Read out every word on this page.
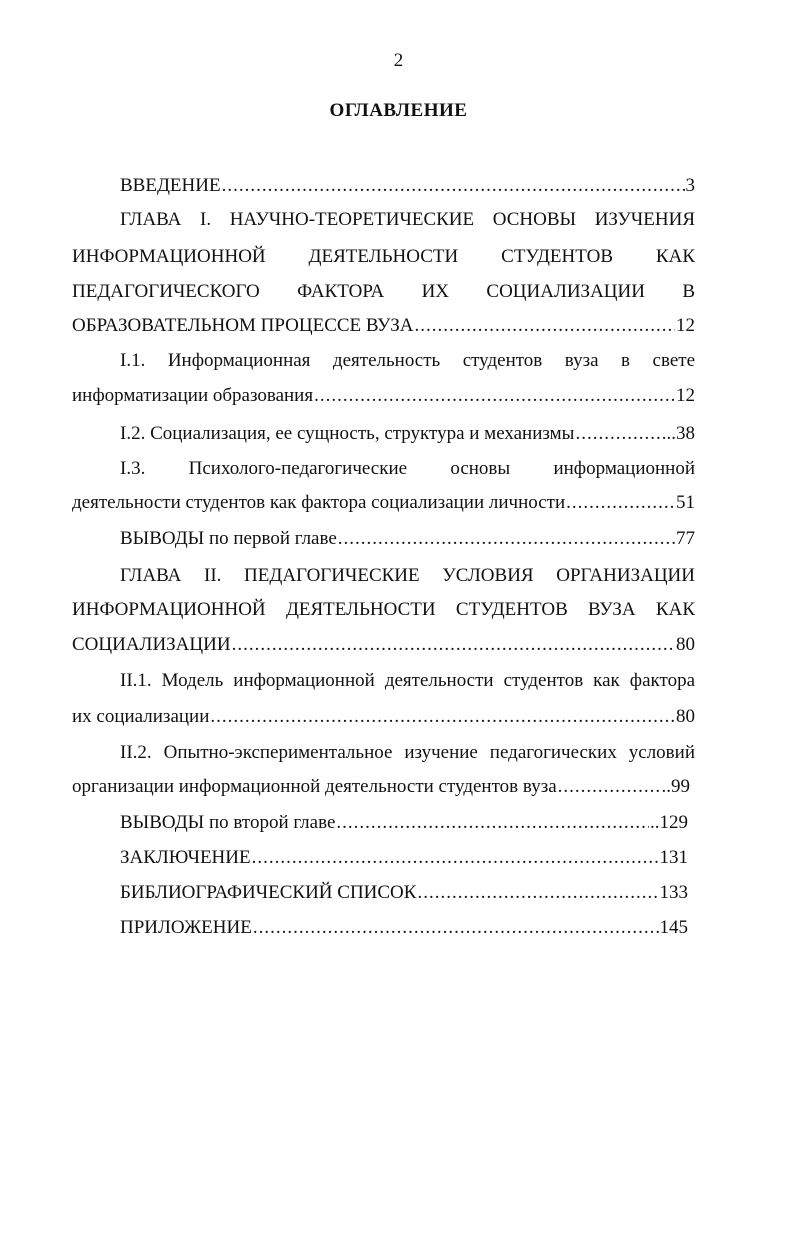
2
ОГЛАВЛЕНИЕ
ВВЕДЕНИЕ .....	3
ГЛАВА I. НАУЧНО-ТЕОРЕТИЧЕСКИЕ ОСНОВЫ ИЗУЧЕНИЯ
ИНФОРМАЦИОННОЙ ДЕЯТЕЛЬНОСТИ СТУДЕНТОВ КАК
ПЕДАГОГИЧЕСКОГО ФАКТОРА ИХ СОЦИАЛИЗАЦИИ В
ОБРАЗОВАТЕЛЬНОМ ПРОЦЕССЕ ВУЗА .....	12
I.1. Информационная деятельность студентов вуза в свете
информатизации образования .....	12
I.2. Социализация, ее сущность, структура и механизмы .....	..38
I.3. Психолого-педагогические основы информационной
деятельности студентов как фактора социализации личности .....	51
ВЫВОДЫ по первой главе .....	77
ГЛАВА II. ПЕДАГОГИЧЕСКИЕ УСЛОВИЯ ОРГАНИЗАЦИИ
ИНФОРМАЦИОННОЙ ДЕЯТЕЛЬНОСТИ СТУДЕНТОВ ВУЗА КАК
СОЦИАЛИЗАЦИИ .....	80
II.1. Модель информационной деятельности студентов как фактора
их социализации .....	80
II.2. Опытно-экспериментальное изучение педагогических условий
организации информационной деятельности студентов вуза .....	..99
ВЫВОДЫ по второй главе .....	..129
ЗАКЛЮЧЕНИЕ .....	131
БИБЛИОГРАФИЧЕСКИЙ СПИСОК .....	133
ПРИЛОЖЕНИЕ .....	145
